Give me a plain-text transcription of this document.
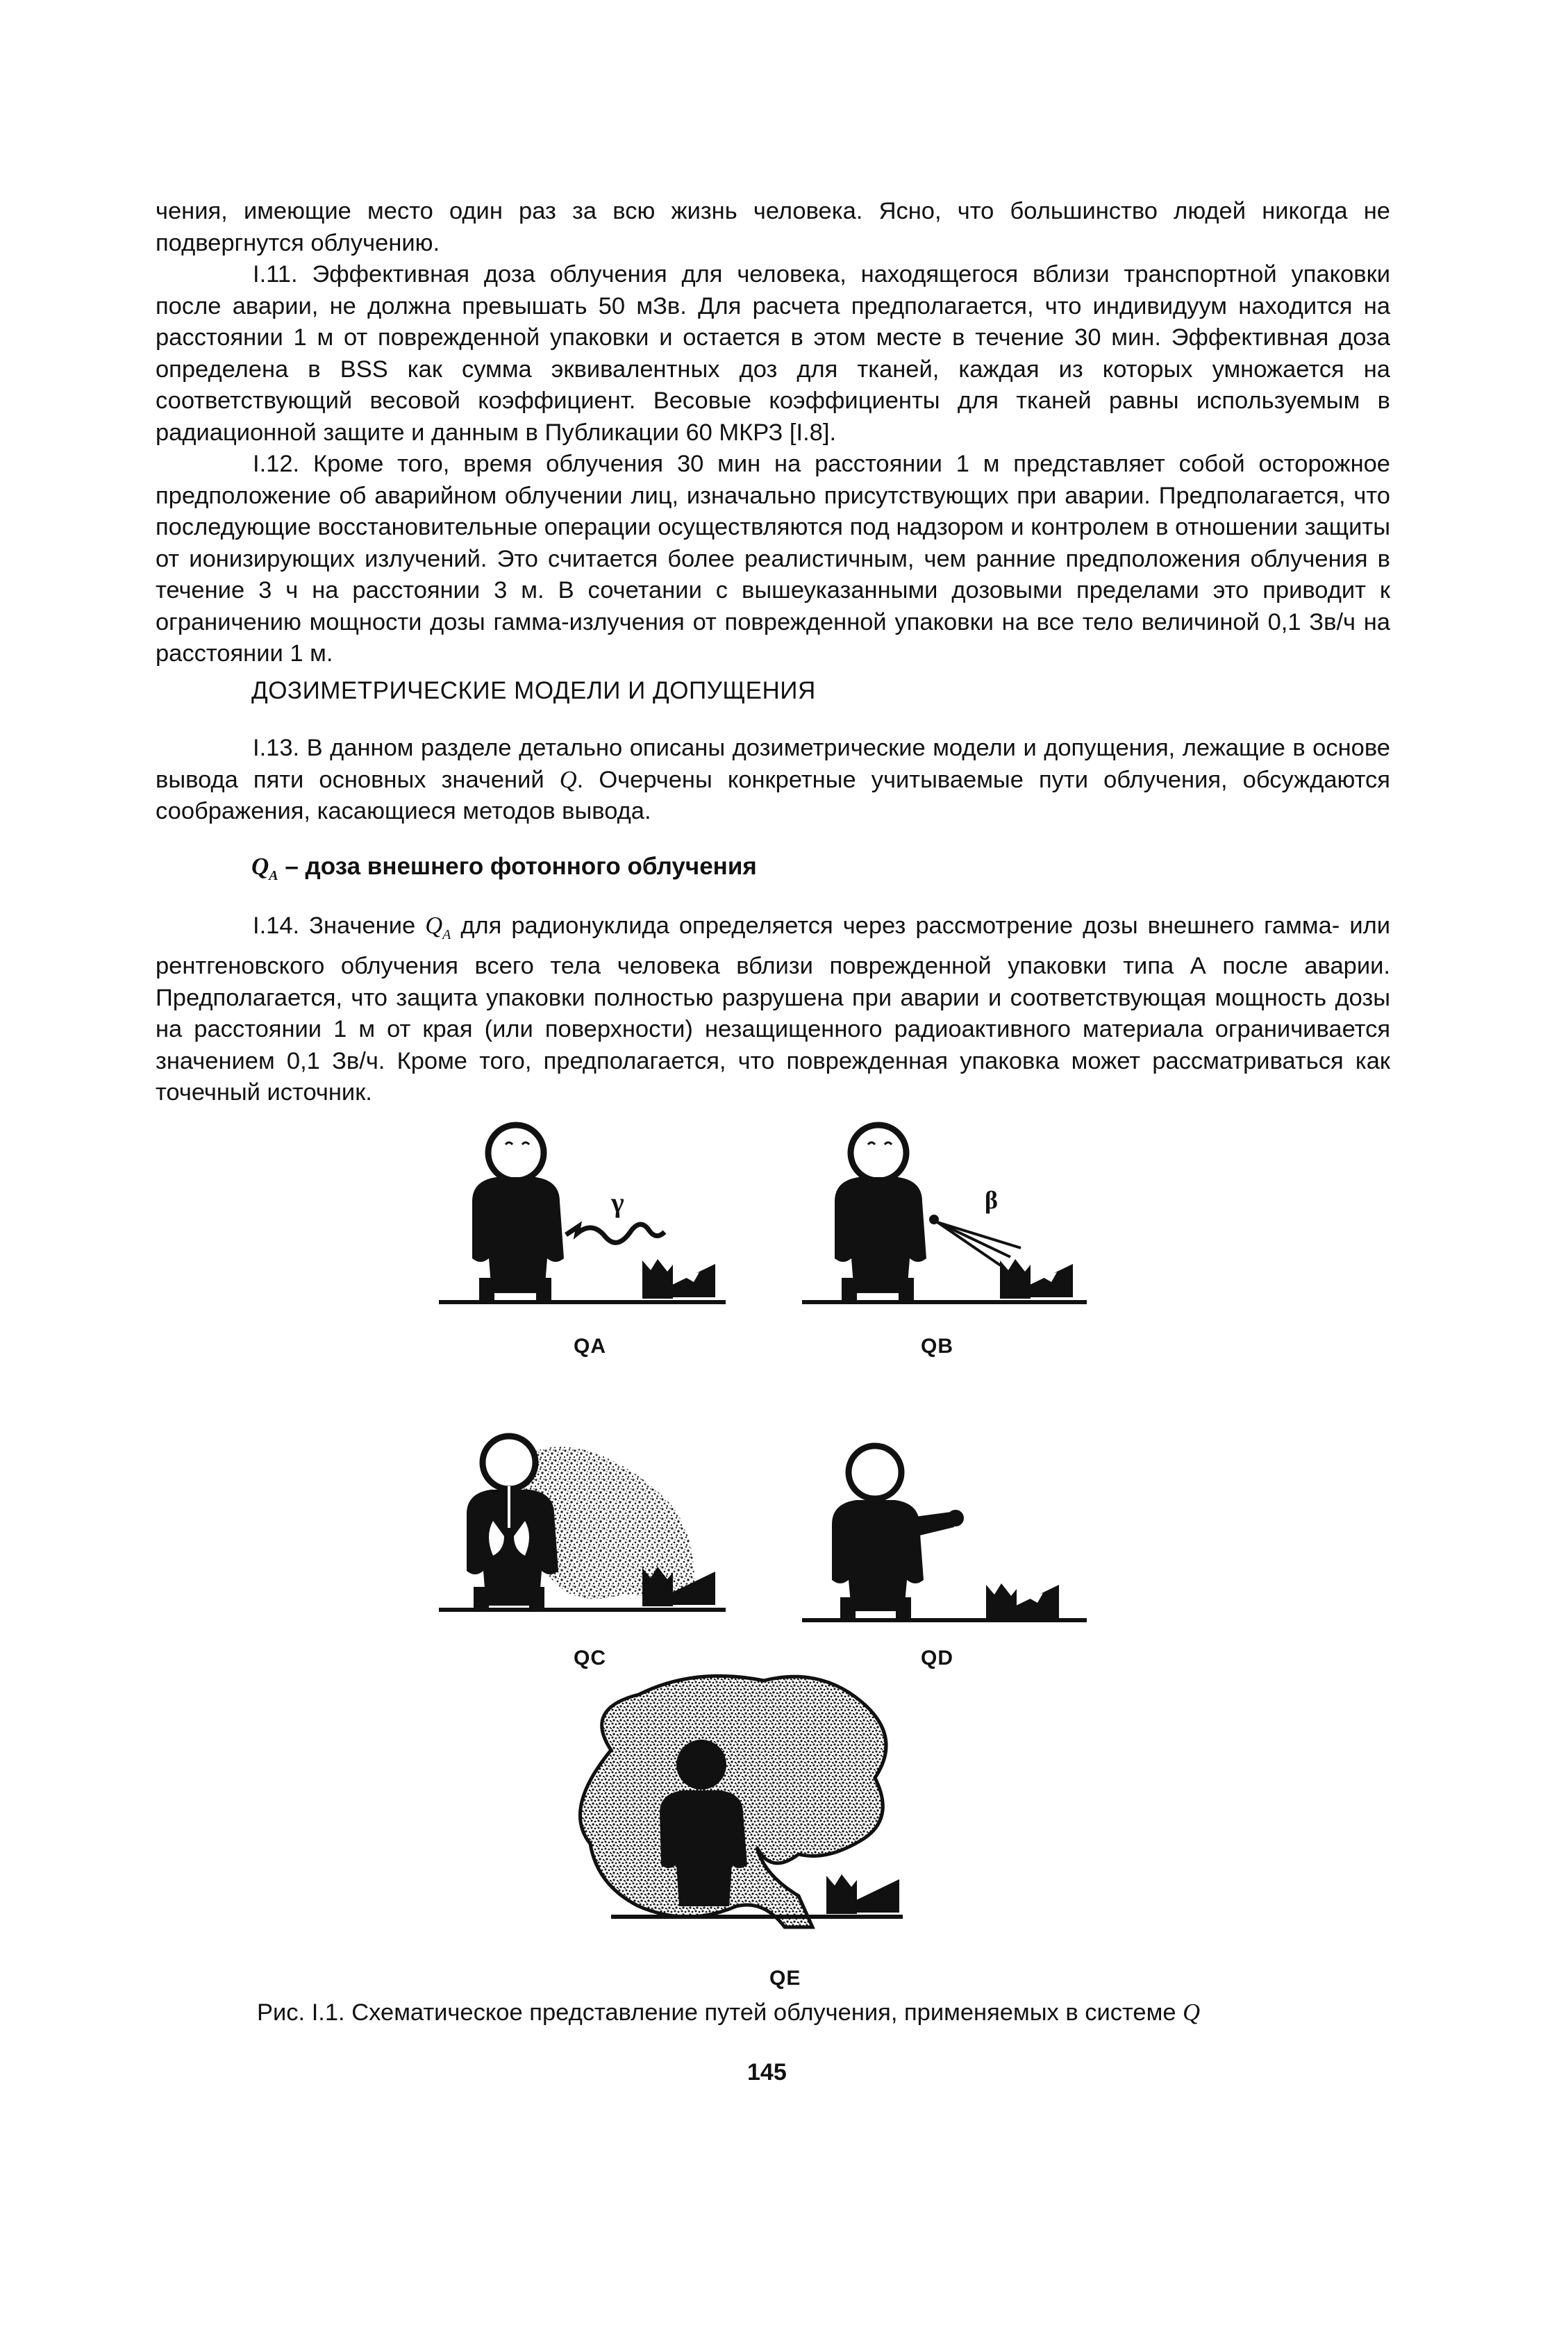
чения, имеющие место один раз за всю жизнь человека. Ясно, что большинство людей никогда не подвергнутся облучению.

I.11. Эффективная доза облучения для человека, находящегося вблизи транспортной упаковки после аварии, не должна превышать 50 мЗв. Для расчета предполагается, что индивидуум находится на расстоянии 1 м от поврежденной упаковки и остается в этом месте в течение 30 мин. Эффективная доза определена в BSS как сумма эквивалентных доз для тканей, каждая из которых умножается на соответствующий весовой коэффициент. Весовые коэффициенты для тканей равны используемым в радиационной защите и данным в Публикации 60 МКРЗ [I.8].

I.12. Кроме того, время облучения 30 мин на расстоянии 1 м представляет собой осторожное предположение об аварийном облучении лиц, изначально присутствующих при аварии. Предполагается, что последующие восстановительные операции осуществляются под надзором и контролем в отношении защиты от ионизирующих излучений. Это считается более реалистичным, чем ранние предположения облучения в течение 3 ч на расстоянии 3 м. В сочетании с вышеуказанными дозовыми пределами это приводит к ограничению мощности дозы гамма-излучения от поврежденной упаковки на все тело величиной 0,1 Зв/ч на расстоянии 1 м.

ДОЗИМЕТРИЧЕСКИЕ МОДЕЛИ И ДОПУЩЕНИЯ

I.13. В данном разделе детально описаны дозиметрические модели и допущения, лежащие в основе вывода пяти основных значений Q. Очерчены конкретные учитываемые пути облучения, обсуждаются соображения, касающиеся методов вывода.

$Q_A$ – доза внешнего фотонного облучения

I.14. Значение $Q_A$ для радионуклида определяется через рассмотрение дозы внешнего гамма- или рентгеновского облучения всего тела человека вблизи поврежденной упаковки типа А после аварии. Предполагается, что защита упаковки полностью разрушена при аварии и соответствующая мощность дозы на расстоянии 1 м от края (или поверхности) незащищенного радиоактивного материала ограничивается значением 0,1 Зв/ч. Кроме того, предполагается, что поврежденная упаковка может рассматриваться как точечный источник.

γ	β
QA	QB
QC	QD
QE
Рис. I.1. Схематическое представление путей облучения, применяемых в системе Q
145
